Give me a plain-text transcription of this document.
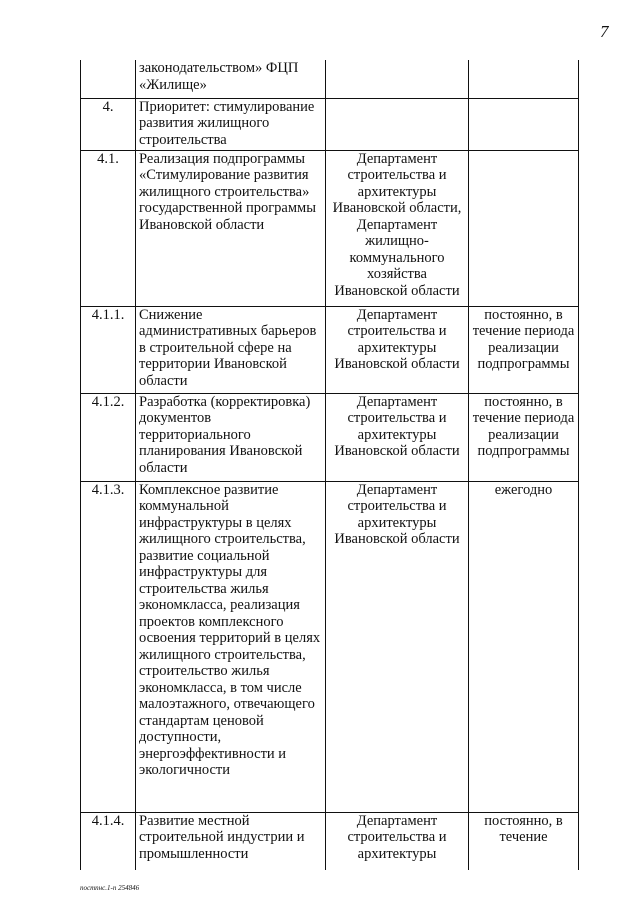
7
	законодательством» ФЦП «Жилище»		
4.	Приоритет: стимулирование развития жилищного строительства		
4.1.	Реализация подпрограммы «Стимулирование развития жилищного строительства» государственной программы Ивановской области	Департамент строительства и архитектуры Ивановской области, Департамент жилищно-коммунального хозяйства Ивановской области	
4.1.1.	Снижение административных барьеров в строительной сфере на территории Ивановской области	Департамент строительства и архитектуры Ивановской области	постоянно, в течение периода реализации подпрограммы
4.1.2.	Разработка (корректировка) документов территориального планирования Ивановской области	Департамент строительства и архитектуры Ивановской области	постоянно, в течение периода реализации подпрограммы
4.1.3.	Комплексное развитие коммунальной инфраструктуры в целях жилищного строительства, развитие социальной инфраструктуры для строительства жилья экономкласса, реализация проектов комплексного освоения территорий в целях жилищного строительства, строительство жилья экономкласса, в том числе малоэтажного, отвечающего стандартам ценовой доступности, энергоэффективности и экологичности	Департамент строительства и архитектуры Ивановской области	ежегодно
4.1.4.	Развитие местной строительной индустрии и промышленности	Департамент строительства и архитектуры	постоянно, в течение
постпнс.1-п 254846
